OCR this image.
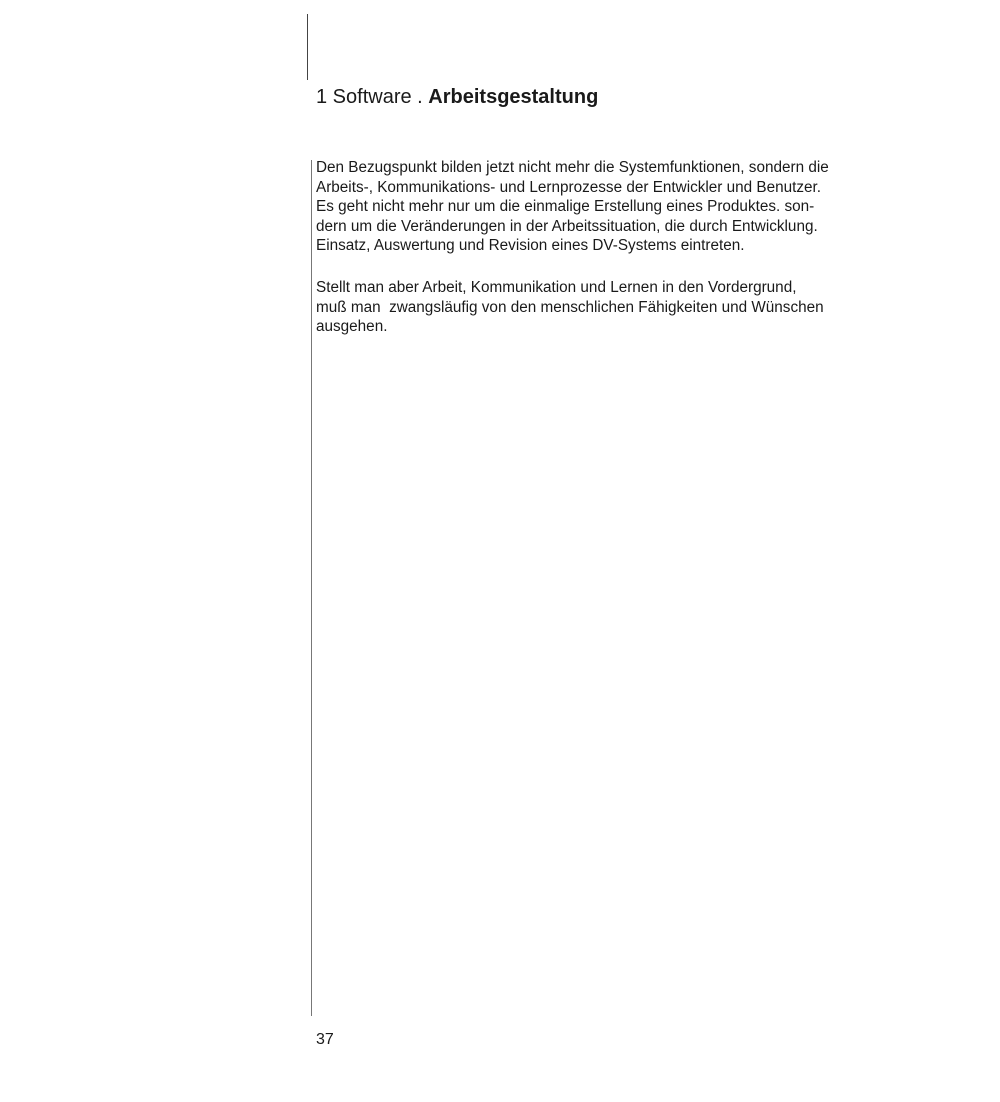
1 Software . Arbeitsgestaltung
Den Bezugspunkt bilden jetzt nicht mehr die Systemfunktionen, sondern die
Arbeits-, Kommunikations- und Lernprozesse der Entwickler und Benutzer.
Es geht nicht mehr nur um die einmalige Erstellung eines Produktes. son-
dern um die Veränderungen in der Arbeitssituation, die durch Entwicklung.
Einsatz, Auswertung und Revision eines DV-Systems eintreten.
Stellt man aber Arbeit, Kommunikation und Lernen in den Vordergrund,
muß man  zwangsläufig von den menschlichen Fähigkeiten und Wünschen
ausgehen.
37
